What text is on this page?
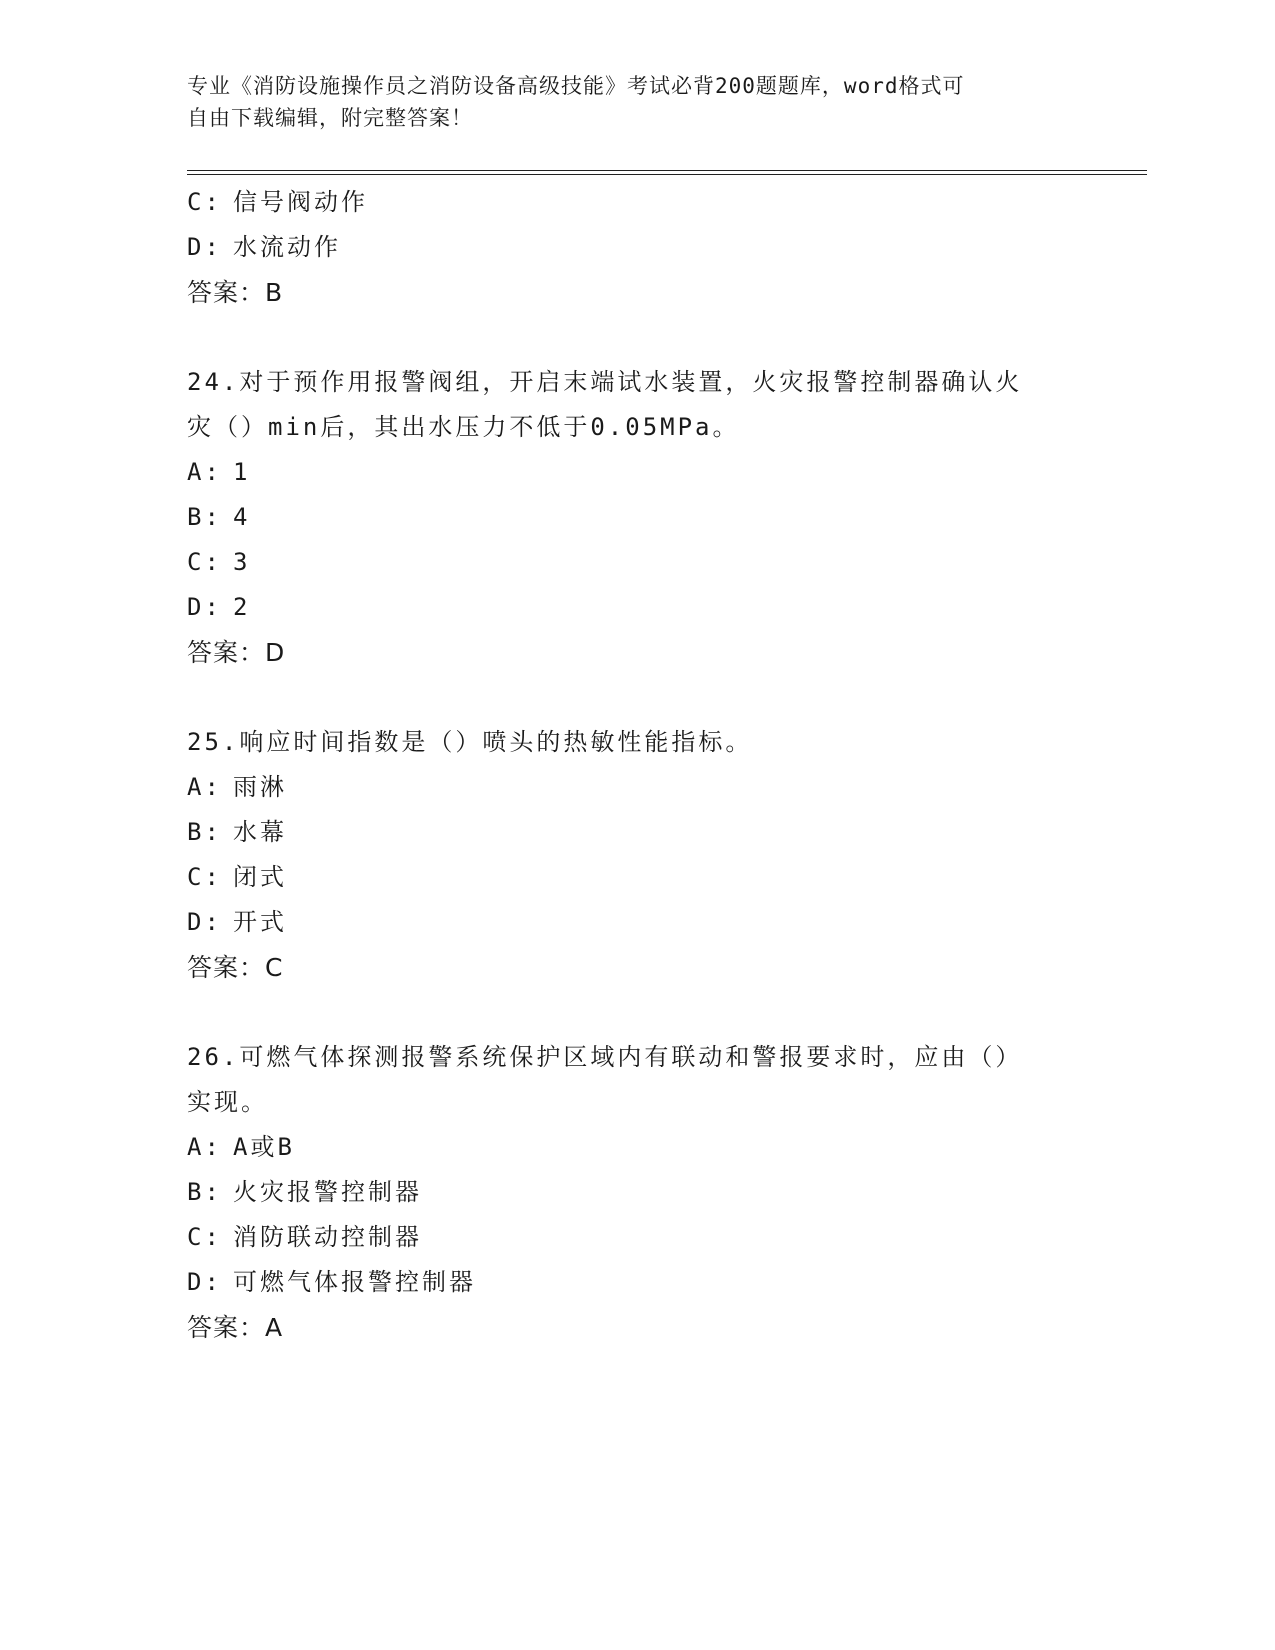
专业《消防设施操作员之消防设备高级技能》考试必背200题题库，word格式可
自由下载编辑，附完整答案！
C: 信号阀动作
D: 水流动作
答案：B
24.对于预作用报警阀组，开启末端试水装置，火灾报警控制器确认火
灾（）min后，其出水压力不低于0.05MPa。
A: 1
B: 4
C: 3
D: 2
答案：D
25.响应时间指数是（）喷头的热敏性能指标。
A: 雨淋
B: 水幕
C: 闭式
D: 开式
答案：C
26.可燃气体探测报警系统保护区域内有联动和警报要求时，应由（）
实现。
A: A或B
B: 火灾报警控制器
C: 消防联动控制器
D: 可燃气体报警控制器
答案：A
